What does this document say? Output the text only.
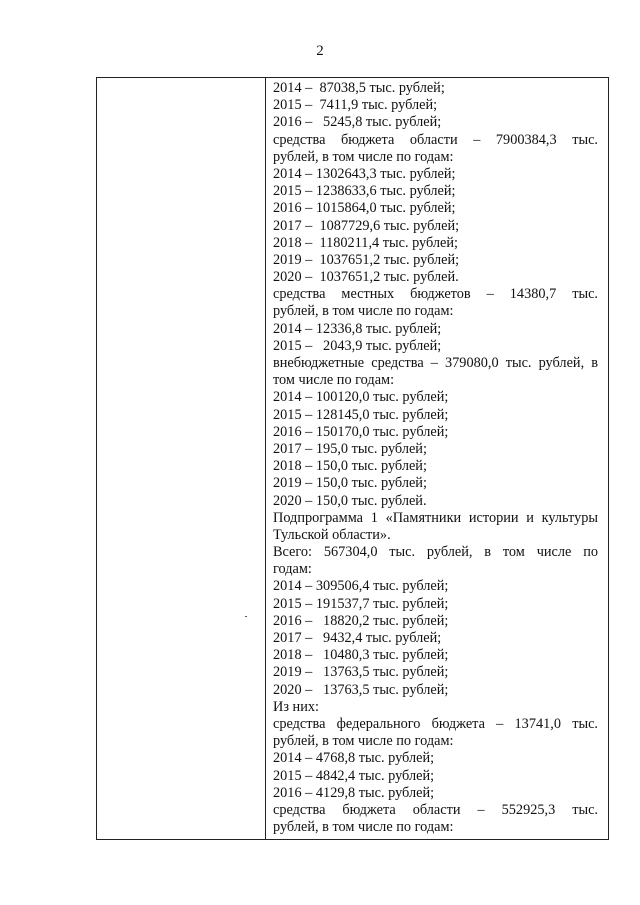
2
2014 –  87038,5 тыс. рублей;
2015 –  7411,9 тыс. рублей;
2016 –   5245,8 тыс. рублей;
средства бюджета области – 7900384,3 тыс.
рублей, в том числе по годам:
2014 – 1302643,3 тыс. рублей;
2015 – 1238633,6 тыс. рублей;
2016 – 1015864,0 тыс. рублей;
2017 –  1087729,6 тыс. рублей;
2018 –  1180211,4 тыс. рублей;
2019 –  1037651,2 тыс. рублей;
2020 –  1037651,2 тыс. рублей.
средства местных бюджетов – 14380,7 тыс.
рублей, в том числе по годам:
2014 – 12336,8 тыс. рублей;
2015 –   2043,9 тыс. рублей;
внебюджетные средства – 379080,0 тыс. рублей, в
том числе по годам:
2014 – 100120,0 тыс. рублей;
2015 – 128145,0 тыс. рублей;
2016 – 150170,0 тыс. рублей;
2017 – 195,0 тыс. рублей;
2018 – 150,0 тыс. рублей;
2019 – 150,0 тыс. рублей;
2020 – 150,0 тыс. рублей.
Подпрограмма 1 «Памятники истории и культуры
Тульской области».
Всего: 567304,0 тыс. рублей, в том числе по
годам:
2014 – 309506,4 тыс. рублей;
2015 – 191537,7 тыс. рублей;
2016 –   18820,2 тыс. рублей;
2017 –   9432,4 тыс. рублей;
2018 –   10480,3 тыс. рублей;
2019 –   13763,5 тыс. рублей;
2020 –   13763,5 тыс. рублей;
Из них:
средства федерального бюджета – 13741,0 тыс.
рублей, в том числе по годам:
2014 – 4768,8 тыс. рублей;
2015 – 4842,4 тыс. рублей;
2016 – 4129,8 тыс. рублей;
средства бюджета области – 552925,3 тыс.
рублей, в том числе по годам:
